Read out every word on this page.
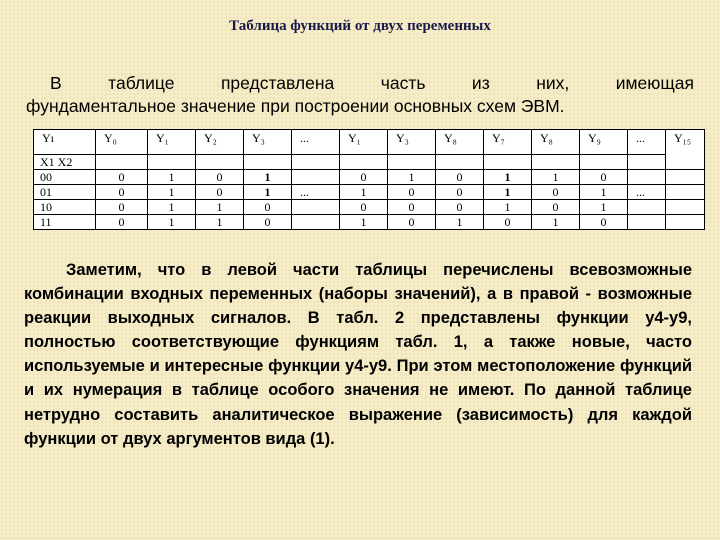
Таблица функций от двух переменных
В таблице представлена часть из них, имеющая
фундаментальное значение при построении основных схем ЭВМ.
Yı	Y₀	Y₁	Y₂	Y₃	...	Y₁	Y₃	Y₈	Y₇	Y₈	Y₉	...	Y₁₅
X1 X2													
00	0	1	0	1		0	1	0	1	1	0		
01	0	1	0	1	...	1	0	0	1	0	1	...	
10	0	1	1	0		0	0	0	1	0	1		
11	0	1	1	0		1	0	1	0	1	0		
Заметим, что в левой части таблицы перечислены всевозможные комбинации входных переменных (наборы значений), а в правой - возможные реакции выходных сигналов. В табл. 2 представлены функции y4-y9, полностью соответствующие функциям табл. 1, а также новые, часто используемые и интересные функции y4-y9. При этом местоположение функций и их нумерация в таблице особого значения не имеют. По данной таблице нетрудно составить аналитическое выражение (зависимость) для каждой функции от двух аргументов вида (1).
